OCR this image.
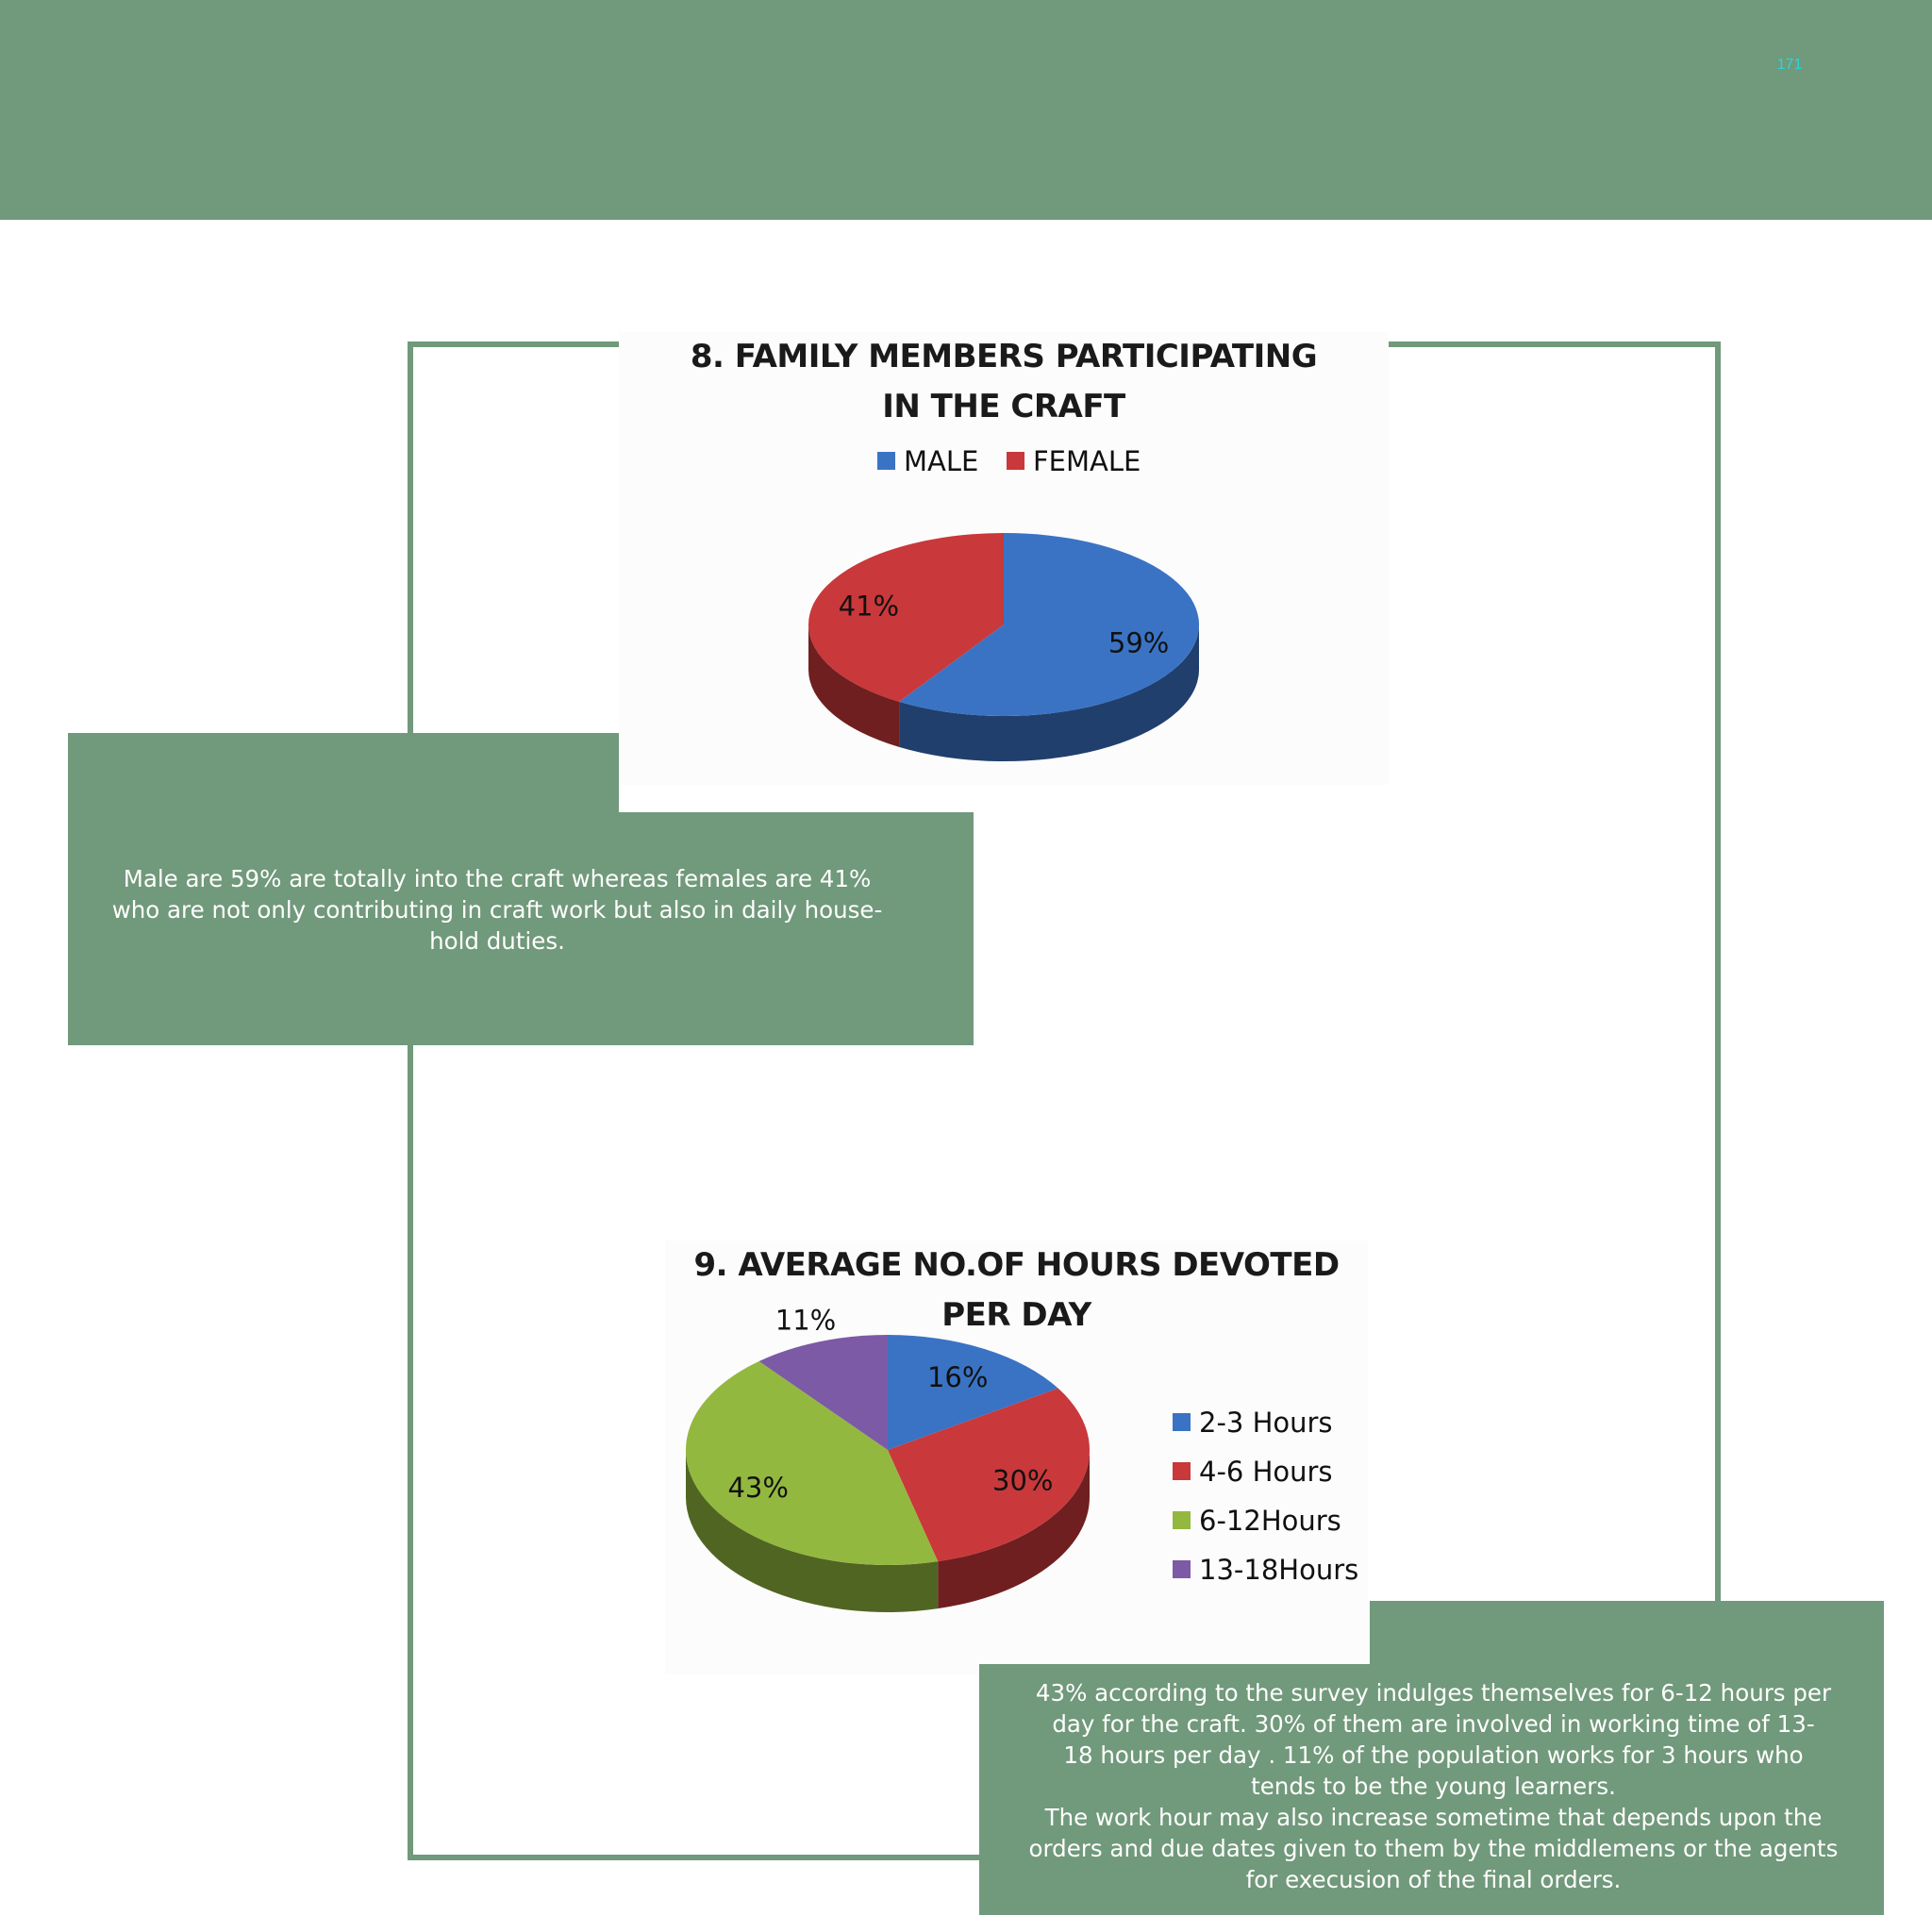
171
8. FAMILY MEMBERS PARTICIPATING
IN THE CRAFT
59%
41%
MALE FEMALE
Male are 59% are totally into the craft whereas females are 41%
who are not only contributing in craft work but also in daily house-
hold duties.
9. AVERAGE NO.OF HOURS DEVOTED
PER DAY
16%
30%
43%
11%
2-3 Hours
4-6 Hours
6-12Hours
13-18Hours
43% according to the survey indulges themselves for 6-12 hours per
day for the craft. 30% of them are involved in working time of 13-
18 hours per day . 11% of the population works for 3 hours who
tends to be the young learners.
The work hour may also increase sometime that depends upon the
orders and due dates given to them by the middlemens or the agents
for execusion of the final orders.
